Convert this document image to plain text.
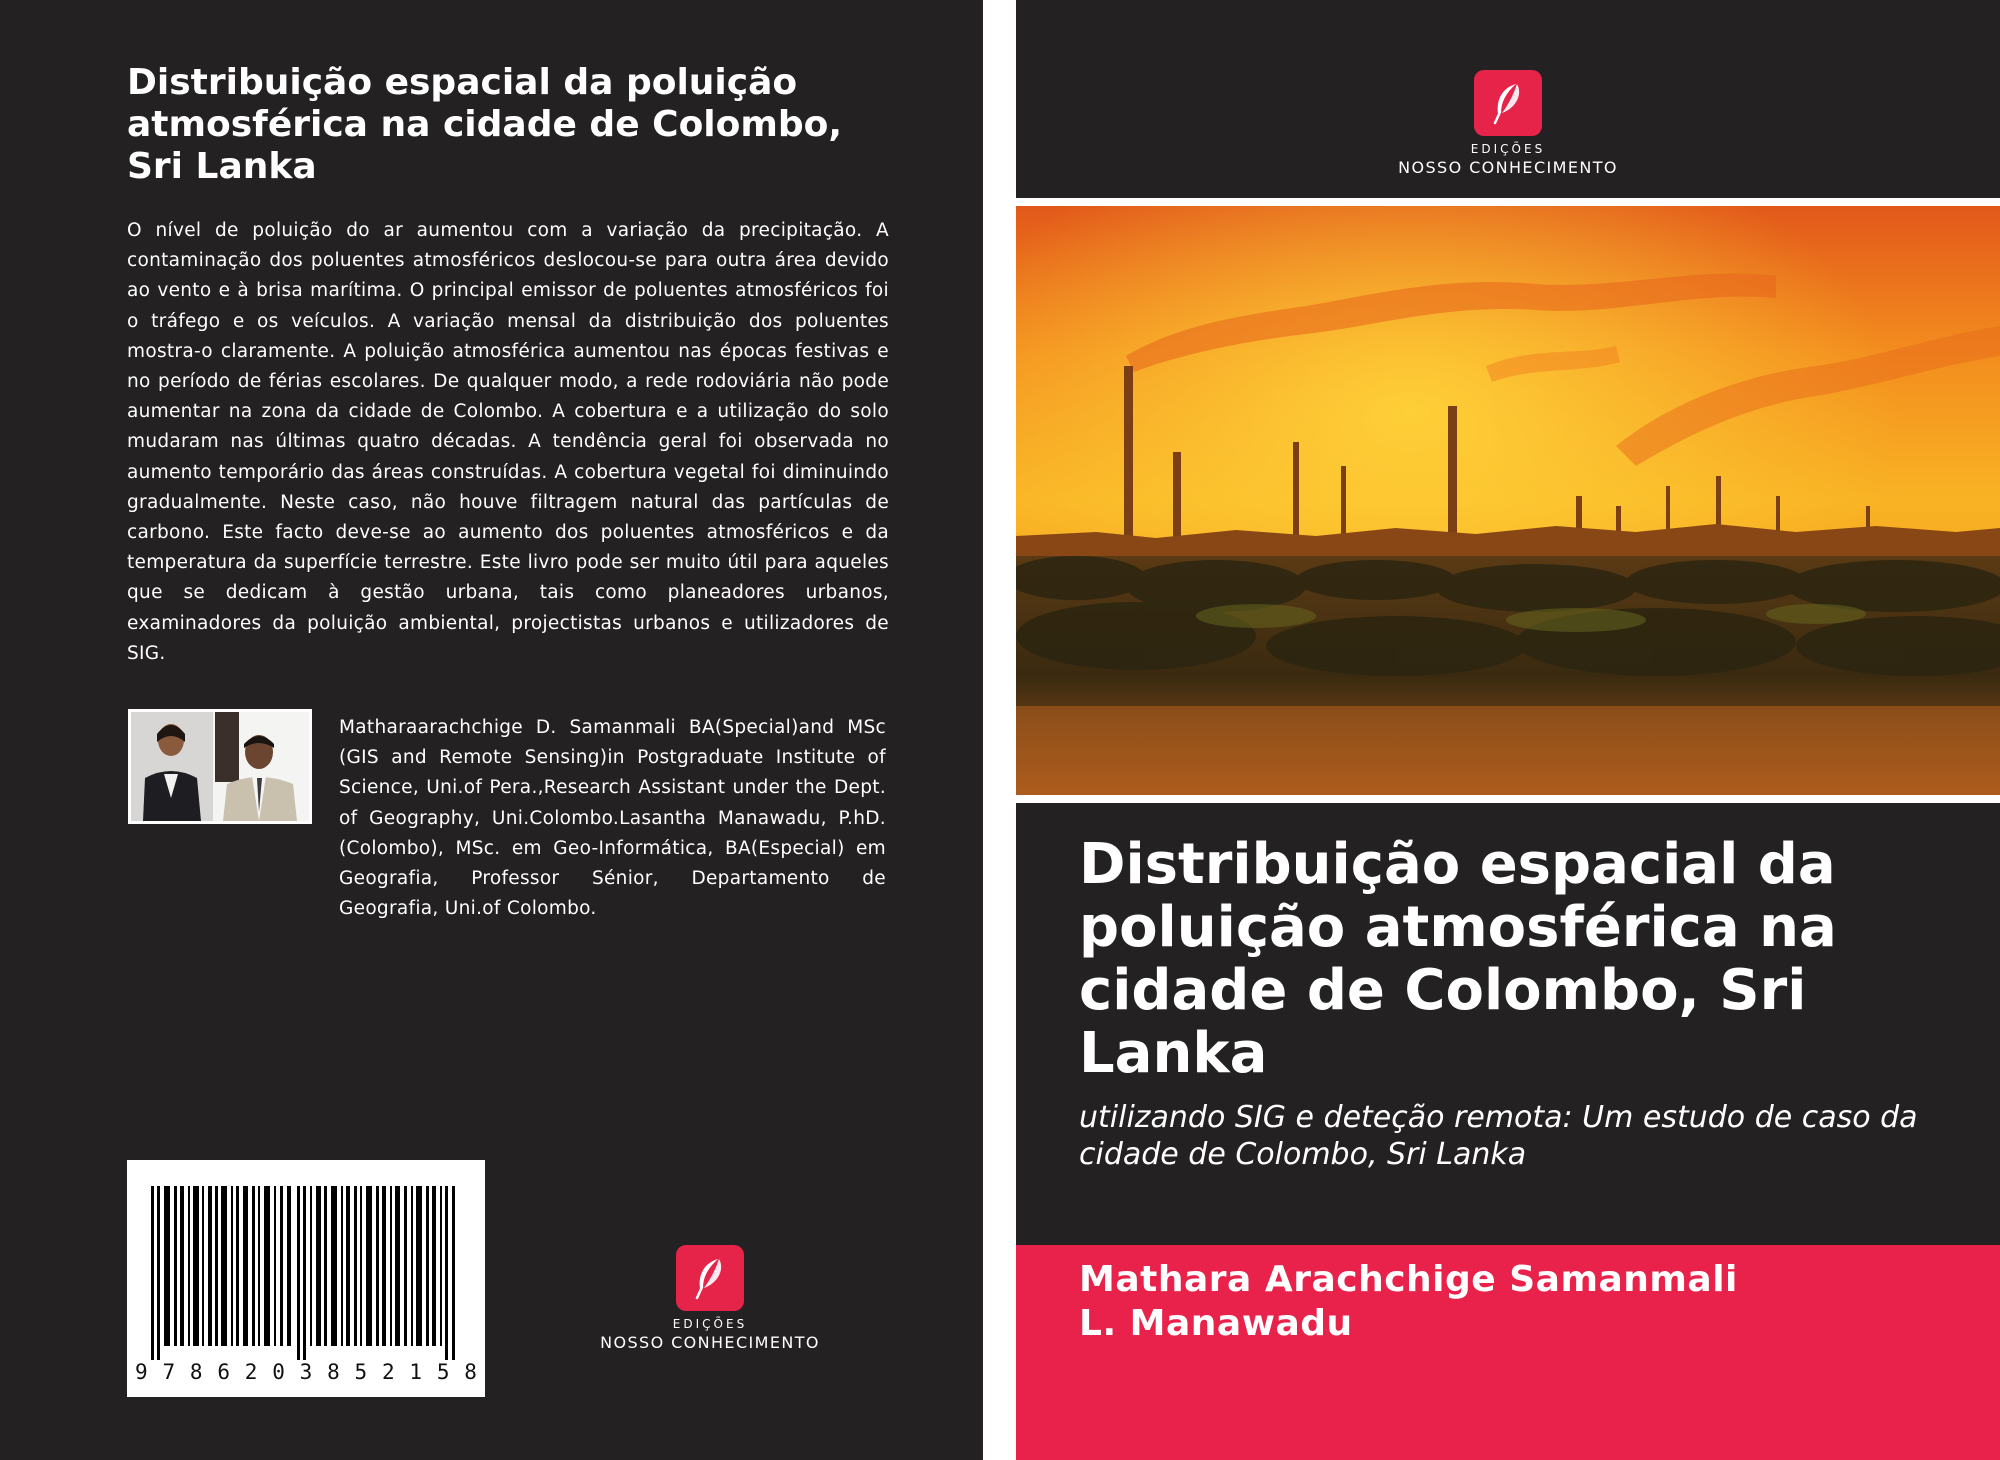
Distribuição espacial da poluição atmosférica na cidade de Colombo, Sri Lanka

O nível de poluição do ar aumentou com a variação da precipitação. A contaminação dos poluentes atmosféricos deslocou-se para outra área devido ao vento e à brisa marítima. O principal emissor de poluentes atmosféricos foi o tráfego e os veículos. A variação mensal da distribuição dos poluentes mostra-o claramente. A poluição atmosférica aumentou nas épocas festivas e no período de férias escolares. De qualquer modo, a rede rodoviária não pode aumentar na zona da cidade de Colombo. A cobertura e a utilização do solo mudaram nas últimas quatro décadas. A tendência geral foi observada no aumento temporário das áreas construídas. A cobertura vegetal foi diminuindo gradualmente. Neste caso, não houve filtragem natural das partículas de carbono. Este facto deve-se ao aumento dos poluentes atmosféricos e da temperatura da superfície terrestre. Este livro pode ser muito útil para aqueles que se dedicam à gestão urbana, tais como planeadores urbanos, examinadores da poluição ambiental, projectistas urbanos e utilizadores de SIG.

Matharaarachchige D. Samanmali BA(Special)and MSc (GIS and Remote Sensing)in Postgraduate Institute of Science, Uni.of Pera.,Research Assistant under the Dept. of Geography, Uni.Colombo.Lasantha Manawadu, P.hD. (Colombo), MSc. em Geo-Informática, BA(Especial) em Geografia, Professor Sénior, Departamento de Geografia, Uni.of Colombo.

9 7 8 6 2 0 3 8 5 2 1 5 8
EDIÇÕES
NOSSO CONHECIMENTO
EDIÇÕES
NOSSO CONHECIMENTO
Distribuição espacial da poluição atmosférica na cidade de Colombo, Sri Lanka

utilizando SIG e deteção remota: Um estudo de caso da cidade de Colombo, Sri Lanka

Mathara Arachchige Samanmali
L. Manawadu
